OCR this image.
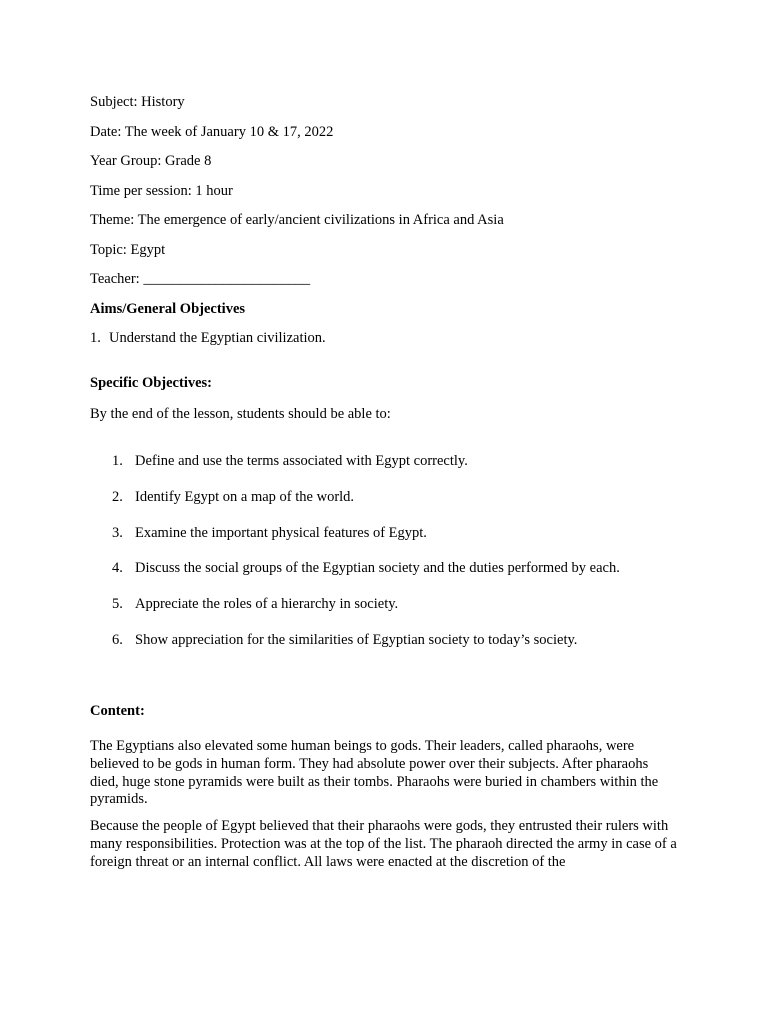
Subject: History
Date: The week of January 10 & 17, 2022
Year Group: Grade 8
Time per session: 1 hour
Theme: The emergence of early/ancient civilizations in Africa and Asia
Topic: Egypt
Teacher: _______________________
Aims/General Objectives
1. Understand the Egyptian civilization.
Specific Objectives:
By the end of the lesson, students should be able to:
1. Define and use the terms associated with Egypt correctly.
2. Identify Egypt on a map of the world.
3. Examine the important physical features of Egypt.
4. Discuss the social groups of the Egyptian society and the duties performed by each.
5. Appreciate the roles of a hierarchy in society.
6. Show appreciation for the similarities of Egyptian society to today’s society.
Content:

The Egyptians also elevated some human beings to gods. Their leaders, called pharaohs, were believed to be gods in human form. They had absolute power over their subjects. After pharaohs died, huge stone pyramids were built as their tombs. Pharaohs were buried in chambers within the pyramids.

Because the people of Egypt believed that their pharaohs were gods, they entrusted their rulers with many responsibilities. Protection was at the top of the list. The pharaoh directed the army in case of a foreign threat or an internal conflict. All laws were enacted at the discretion of the
